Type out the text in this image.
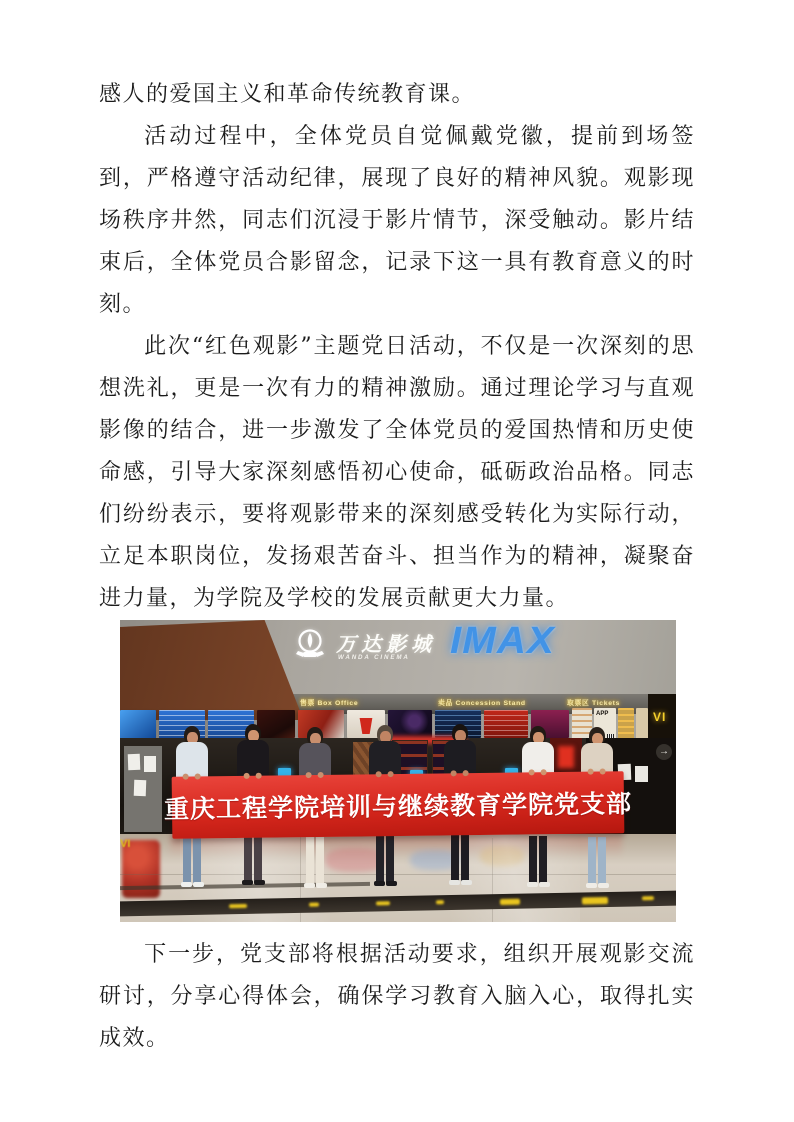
感人的爱国主义和革命传统教育课。

活动过程中，全体党员自觉佩戴党徽，提前到场签到，严格遵守活动纪律，展现了良好的精神风貌。观影现场秩序井然，同志们沉浸于影片情节，深受触动。影片结束后，全体党员合影留念，记录下这一具有教育意义的时刻。

此次“红色观影”主题党日活动，不仅是一次深刻的思想洗礼，更是一次有力的精神激励。通过理论学习与直观影像的结合，进一步激发了全体党员的爱国热情和历史使命感，引导大家深刻感悟初心使命，砥砺政治品格。同志们纷纷表示，要将观影带来的深刻感受转化为实际行动，立足本职岗位，发扬艰苦奋斗、担当作为的精神，凝聚奋进力量，为学院及学校的发展贡献更大力量。

万达影城
WANDA CINEMA IMAX
售票 Box Office	卖品 Concession Stand	取票区 Tickets
VI
APP
→
VI
重庆工程学院培训与继续教育学院党支部

下一步，党支部将根据活动要求，组织开展观影交流研讨，分享心得体会，确保学习教育入脑入心，取得扎实成效。
